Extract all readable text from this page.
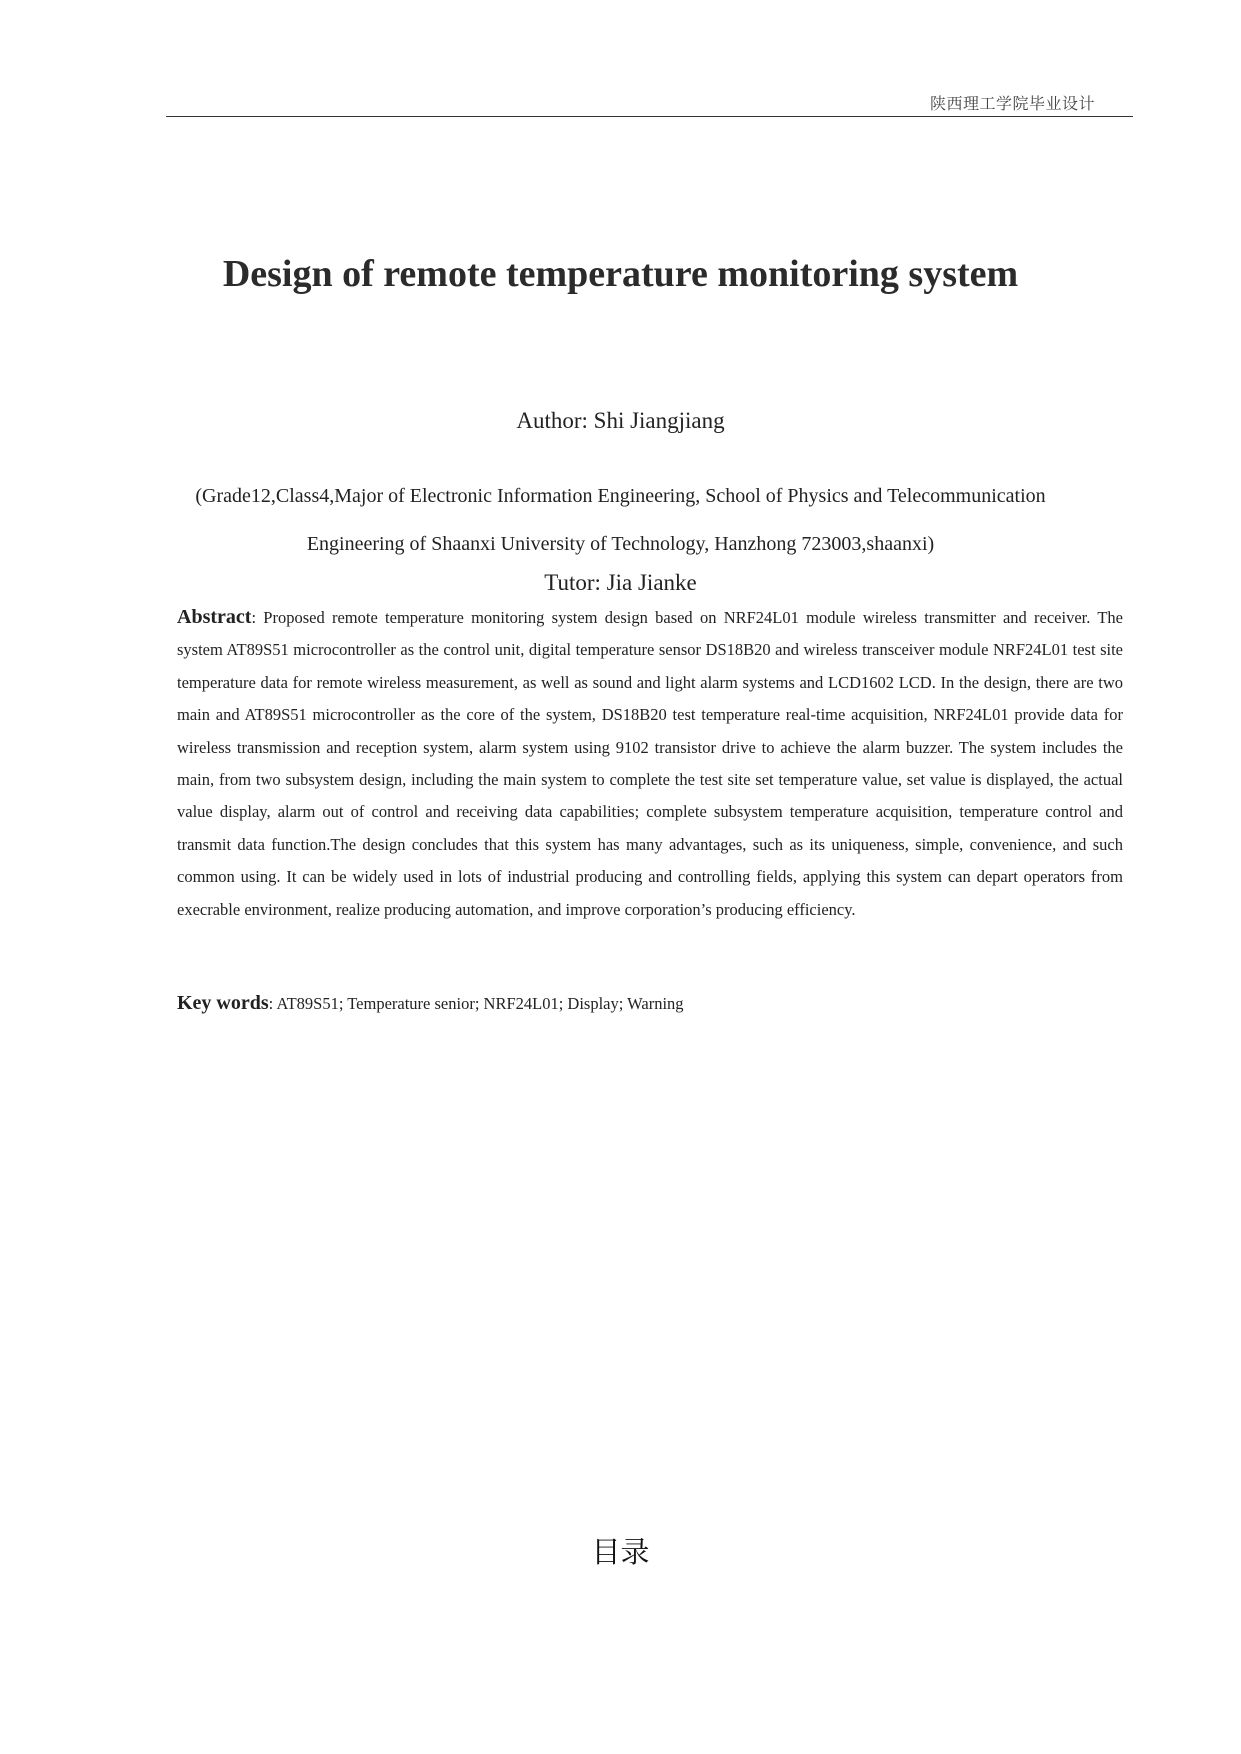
陕西理工学院毕业设计
Design of remote temperature monitoring system
Author: Shi Jiangjiang
(Grade12,Class4,Major of Electronic Information Engineering, School of Physics and Telecommunication Engineering of Shaanxi University of Technology, Hanzhong 723003,shaanxi)
Tutor: Jia Jianke
Abstract: Proposed remote temperature monitoring system design based on NRF24L01 module wireless transmitter and receiver. The system AT89S51 microcontroller as the control unit, digital temperature sensor DS18B20 and wireless transceiver module NRF24L01 test site temperature data for remote wireless measurement, as well as sound and light alarm systems and LCD1602 LCD. In the design, there are two main and AT89S51 microcontroller as the core of the system, DS18B20 test temperature real-time acquisition, NRF24L01 provide data for wireless transmission and reception system, alarm system using 9102 transistor drive to achieve the alarm buzzer. The system includes the main, from two subsystem design, including the main system to complete the test site set temperature value, set value is displayed, the actual value display, alarm out of control and receiving data capabilities; complete subsystem temperature acquisition, temperature control and transmit data function.The design concludes that this system has many advantages, such as its uniqueness, simple, convenience, and such common using. It can be widely used in lots of industrial producing and controlling fields, applying this system can depart operators from execrable environment, realize producing automation, and improve corporation’s producing efficiency.
Key words: AT89S51; Temperature senior; NRF24L01; Display; Warning
目录
